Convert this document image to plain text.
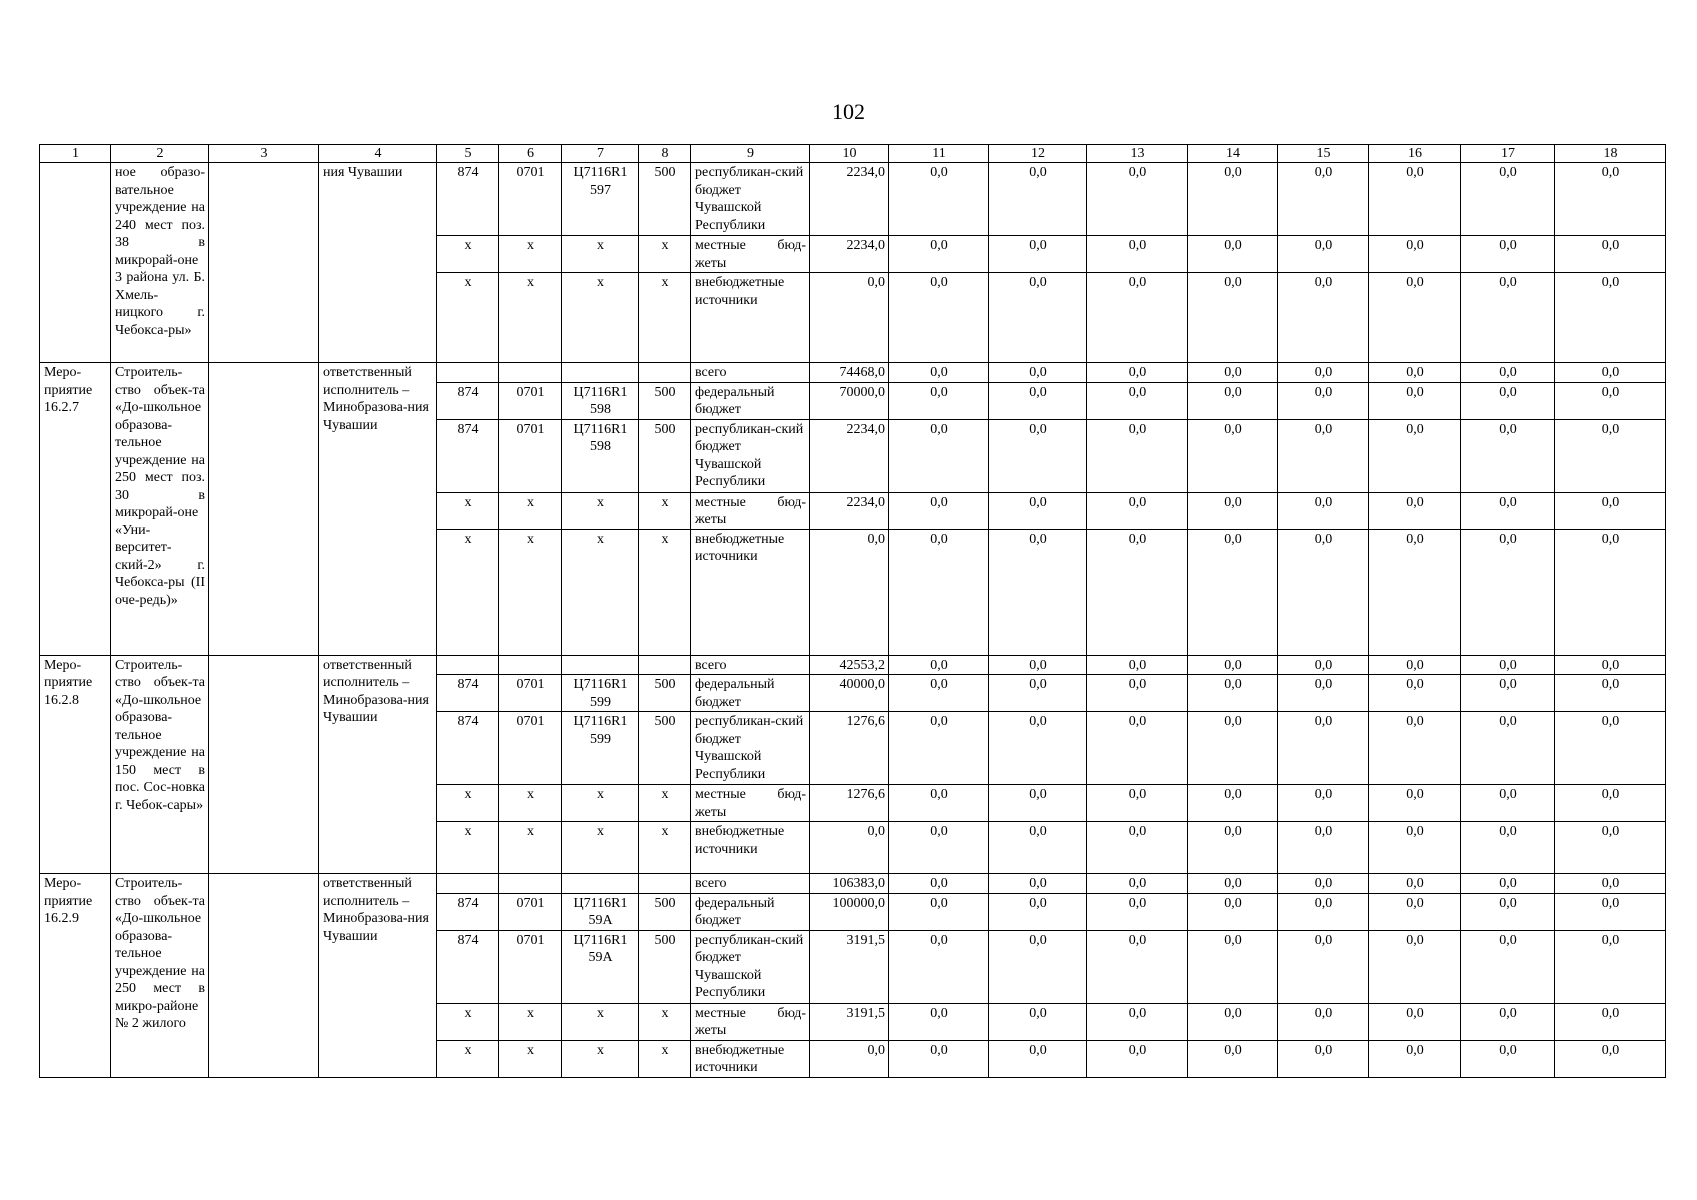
102
1	2	3	4	5	6	7	8	9	10	11	12	13	14	15	16	17	18
	ное образо-вательное учреждение на 240 мест поз. 38 в микрорай-оне 3 района ул. Б. Хмель-ницкого г. Чебокса-ры»		ния Чувашии	874	0701	Ц7116R1 597	500	республикан-ский бюджет Чувашской Республики	2234,0	0,0	0,0	0,0	0,0	0,0	0,0	0,0	0,0
				x	x	x	x	местные бюд-жеты	2234,0	0,0	0,0	0,0	0,0	0,0	0,0	0,0	0,0
				x	x	x	x	внебюджетные источники	0,0	0,0	0,0	0,0	0,0	0,0	0,0	0,0	0,0
Меро-приятие 16.2.7	Строитель-ство объек-та «До-школьное образова-тельное учреждение на 250 мест поз. 30 в микрорай-оне «Уни-верситет-ский-2» г. Чебокса-ры (II оче-редь)»		ответственный исполнитель – Минобразова-ния Чувашии					всего	74468,0	0,0	0,0	0,0	0,0	0,0	0,0	0,0	0,0
				874	0701	Ц7116R1 598	500	федеральный бюджет	70000,0	0,0	0,0	0,0	0,0	0,0	0,0	0,0	0,0
				874	0701	Ц7116R1 598	500	республикан-ский бюджет Чувашской Республики	2234,0	0,0	0,0	0,0	0,0	0,0	0,0	0,0	0,0
				x	x	x	x	местные бюд-жеты	2234,0	0,0	0,0	0,0	0,0	0,0	0,0	0,0	0,0
				x	x	x	x	внебюджетные источники	0,0	0,0	0,0	0,0	0,0	0,0	0,0	0,0	0,0
Меро-приятие 16.2.8	Строитель-ство объек-та «До-школьное образова-тельное учреждение на 150 мест в пос. Сос-новка г. Чебок-сары»		ответственный исполнитель – Минобразова-ния Чувашии					всего	42553,2	0,0	0,0	0,0	0,0	0,0	0,0	0,0	0,0
				874	0701	Ц7116R1 599	500	федеральный бюджет	40000,0	0,0	0,0	0,0	0,0	0,0	0,0	0,0	0,0
				874	0701	Ц7116R1 599	500	республикан-ский бюджет Чувашской Республики	1276,6	0,0	0,0	0,0	0,0	0,0	0,0	0,0	0,0
				x	x	x	x	местные бюд-жеты	1276,6	0,0	0,0	0,0	0,0	0,0	0,0	0,0	0,0
				x	x	x	x	внебюджетные источники	0,0	0,0	0,0	0,0	0,0	0,0	0,0	0,0	0,0
Меро-приятие 16.2.9	Строитель-ство объек-та «До-школьное образова-тельное учреждение на 250 мест в микро-районе № 2 жилого		ответственный исполнитель – Минобразова-ния Чувашии					всего	106383,0	0,0	0,0	0,0	0,0	0,0	0,0	0,0	0,0
				874	0701	Ц7116R1 59А	500	федеральный бюджет	100000,0	0,0	0,0	0,0	0,0	0,0	0,0	0,0	0,0
				874	0701	Ц7116R1 59А	500	республикан-ский бюджет Чувашской Республики	3191,5	0,0	0,0	0,0	0,0	0,0	0,0	0,0	0,0
				x	x	x	x	местные бюд-жеты	3191,5	0,0	0,0	0,0	0,0	0,0	0,0	0,0	0,0
				x	x	x	x	внебюджетные источники	0,0	0,0	0,0	0,0	0,0	0,0	0,0	0,0	0,0
